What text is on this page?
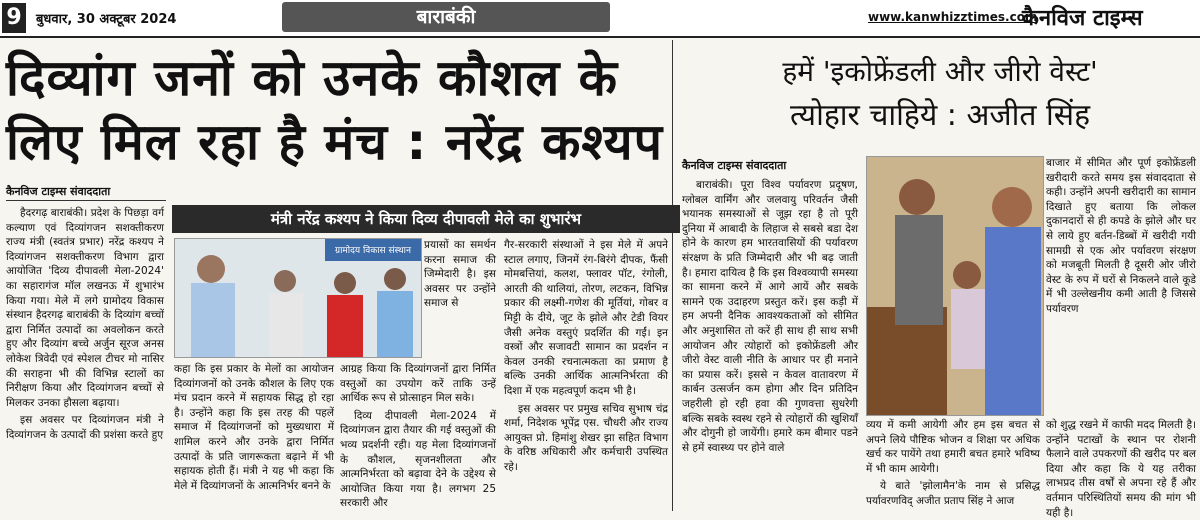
9	बुधवार, 30 अक्टूबर 2024	बाराबंकी	www.kanwhizztimes.com
कैनविज टाइम्स
दिव्यांग जनों को उनके कौशल के लिए मिल रहा है मंच : नरेंद्र कश्यप
कैनविज टाइम्स संवाददाता
मंत्री नरेंद्र कश्यप ने किया दिव्य दीपावली मेले का शुभारंभ

हैदरगढ़ बाराबंकी। प्रदेश के पिछड़ा वर्ग कल्याण एवं दिव्यांगजन सशक्तीकरण राज्य मंत्री (स्वतंत्र प्रभार) नरेंद्र कश्यप ने दिव्यांगजन सशक्तीकरण विभाग द्वारा आयोजित 'दिव्य दीपावली मेला-2024' का सहारागंज मॉल लखनऊ में शुभारंभ किया गया। मेले में लगे ग्रामोदय विकास संस्थान हैदरगढ़ बाराबंकी के दिव्यांग बच्चों द्वारा निर्मित उत्पादों का अवलोकन करते हुए और दिव्यांग बच्चे अर्जुन सूरज अनस लोकेश त्रिवेदी एवं स्पेशल टीचर मो नासिर की सराहना भी की विभिन्न स्टालों का निरीक्षण किया और दिव्यांगजन बच्चों से मिलकर उनका हौसला बढ़ाया।

इस अवसर पर दिव्यांगजन मंत्री ने दिव्यांगजन के उत्पादों की प्रशंसा करते हुए

ग्रामोदय विकास संस्थान	प्रयासों का समर्थन करना समाज की जिम्मेदारी है। इस अवसर पर उन्होंने समाज से

कहा कि इस प्रकार के मेलों का आयोजन दिव्यांगजनों को उनके कौशल के लिए एक मंच प्रदान करने में सहायक सिद्ध हो रहा है। उन्होंने कहा कि इस तरह की पहलें समाज में दिव्यांगजनों को मुख्यधारा में शामिल करने और उनके द्वारा निर्मित उत्पादों के प्रति जागरूकता बढ़ाने में भी सहायक होती हैं। मंत्री ने यह भी कहा कि मेले में दिव्यांगजनों के आत्मनिर्भर बनने के

आग्रह किया कि दिव्यांगजनों द्वारा निर्मित वस्तुओं का उपयोग करें ताकि उन्हें आर्थिक रूप से प्रोत्साहन मिल सके।

दिव्य दीपावली मेला-2024 में दिव्यांगजन द्वारा तैयार की गई वस्तुओं की भव्य प्रदर्शनी रही। यह मेला दिव्यांगजनों के कौशल, सृजनशीलता और आत्मनिर्भरता को बढ़ावा देने के उद्देश्य से आयोजित किया गया है। लगभग 25 सरकारी और

गैर-सरकारी संस्थाओं ने इस मेले में अपने स्टाल लगाए, जिनमें रंग-बिरंगे दीपक, फैंसी मोमबत्तियां, कलश, फ्लावर पॉट, रंगोली, आरती की थालियां, तोरण, लटकन, विभिन्न प्रकार की लक्ष्मी-गणेश की मूर्तियां, गोबर व मिट्टी के दीये, जूट के झोले और टेडी वियर जैसी अनेक वस्तुएं प्रदर्शित की गईं। इन वस्त्रों और सजावटी सामान का प्रदर्शन न केवल उनकी रचनात्मकता का प्रमाण है बल्कि उनकी आर्थिक आत्मनिर्भरता की दिशा में एक महत्वपूर्ण कदम भी है।

इस अवसर पर प्रमुख सचिव सुभाष चंद्र शर्मा, निदेशक भूपेंद्र एस. चौधरी और राज्य आयुक्त प्रो. हिमांशु शेखर झा सहित विभाग के वरिष्ठ अधिकारी और कर्मचारी उपस्थित रहे।

हमें 'इकोफ्रेंडली और जीरो वेस्ट'
त्योहार चाहिये : अजीत सिंह
कैनविज टाइम्स संवाददाता

बाराबंकी। पूरा विश्व पर्यावरण प्रदूषण, ग्लोबल वार्मिंग और जलवायु परिवर्तन जैसी भयानक समस्याओं से जूझ रहा है तो पूरी दुनिया में आबादी के लिहाज से सबसे बडा देश होने के कारण हम भारतवासियों की पर्यावरण संरक्षण के प्रति जिम्मेदारी और भी बढ़ जाती है। हमारा दायित्व है कि इस विश्वव्यापी समस्या का सामना करने में आगे आयें और सबके सामने एक उदाहरण प्रस्तुत करें। इस कड़ी में हम अपनी दैनिक आवश्यकताओं को सीमित और अनुशासित तो करें ही साथ ही साथ सभी आयोजन और त्योहारों को इकोफ्रेंडली और जीरो वेस्ट वाली नीति के आधार पर ही मनाने का प्रयास करें। इससे न केवल वातावरण में कार्बन उत्सर्जन कम होगा और दिन प्रतिदिन जहरीली हो रही हवा की गुणवत्ता सुधरेगी बल्कि सबके स्वस्थ रहने से त्योहारों की खुशियाँ और दोगुनी हो जायेंगी। हमारे कम बीमार पडने से हमें स्वास्थ्य पर होने वाले

व्यय में कमी आयेगी और हम इस बचत से अपने लिये पौष्टिक भोजन व शिक्षा पर अधिक खर्च कर पायेंगे तथा हमारी बचत हमारे भविष्य में भी काम आयेगी।

ये बाते 'झोलामैन'के नाम से प्रसिद्ध पर्यावरणविद् अजीत प्रताप सिंह ने आज

बाजार में सीमित और पूर्ण इकोफ्रेंडली खरीदारी करते समय इस संवाददाता से कही। उन्होंने अपनी खरीदारी का सामान दिखाते हुए बताया कि लोकल दुकानदारों से ही कपडे के झोले और घर से लाये हुए बर्तन-डिब्बों में खरीदी गयी सामग्री से एक ओर पर्यावरण संरक्षण को मजबूती मिलती है दूसरी ओर जीरो वेस्ट के रुप में घरों से निकलने वाले कूडे में भी उल्लेखनीय कमी आती है जिससे पर्यावरण

को शुद्ध रखने में काफी मदद मिलती है। उन्होंने पटाखों के स्थान पर रोशनी फैलाने वाले उपकरणों की खरीद पर बल दिया और कहा कि ये यह तरीका लाभप्रद तीस वर्षों से अपना रहे हैं और वर्तमान परिस्थितियों समय की मांग भी यही है।
